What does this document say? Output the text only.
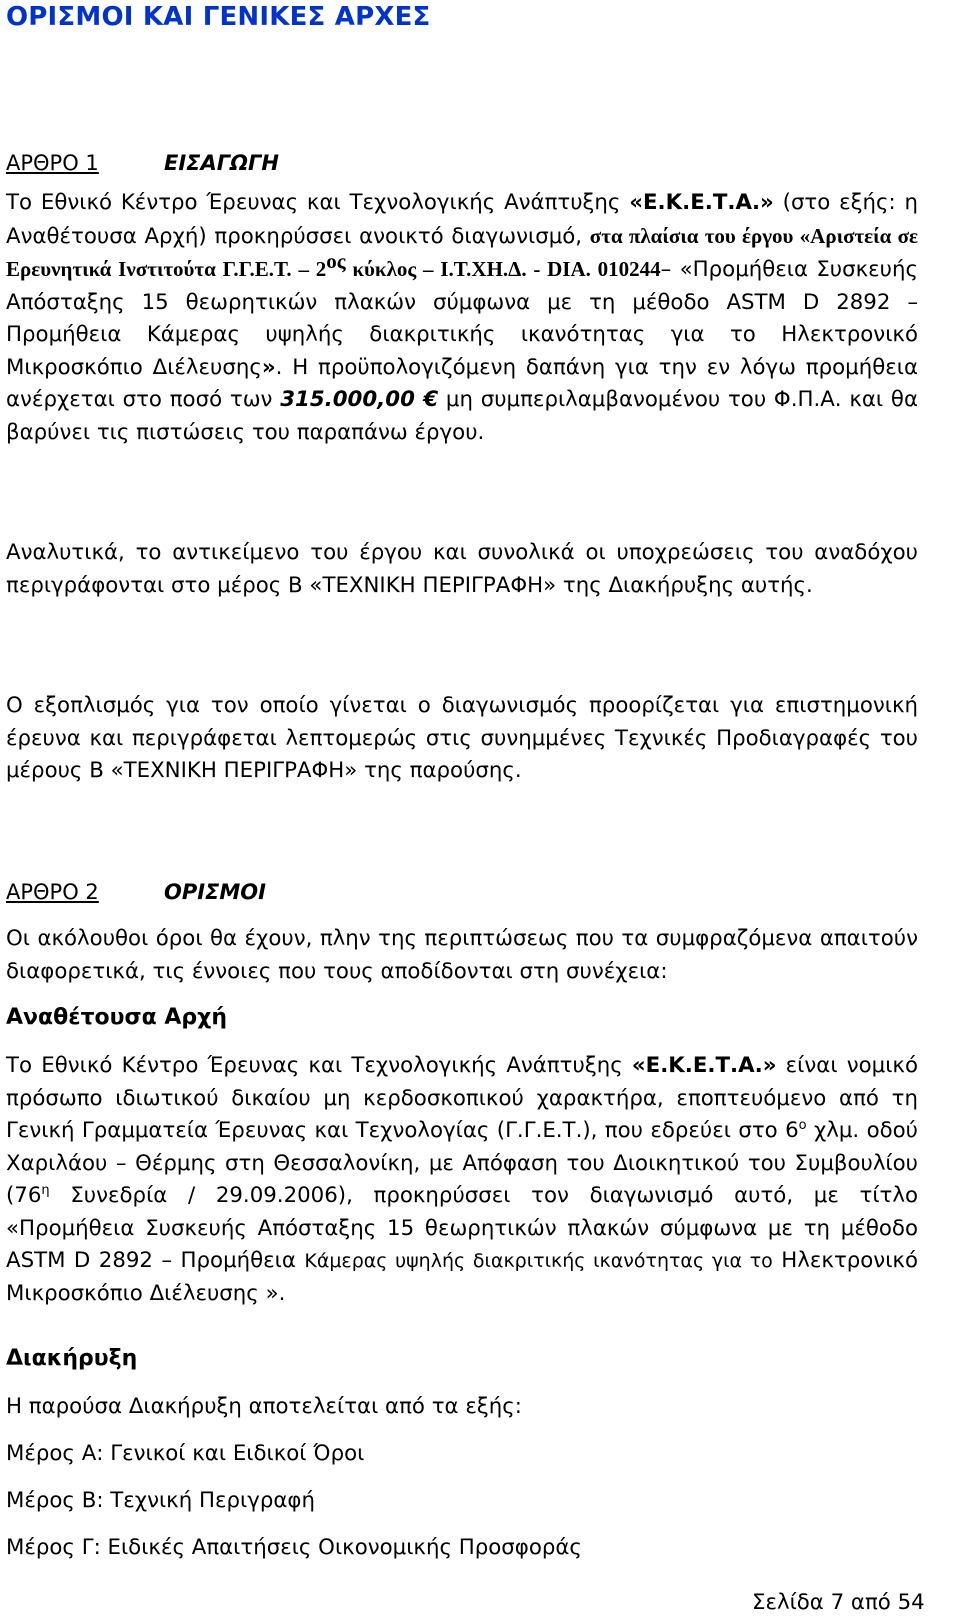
ΟΡΙΣΜΟΙ ΚΑΙ ΓΕΝΙΚΕΣ ΑΡΧΕΣ
ΑΡΘΡΟ 1	ΕΙΣΑΓΩΓΗ

Το Εθνικό Κέντρο Έρευνας και Τεχνολογικής Ανάπτυξης «Ε.Κ.Ε.Τ.Α.» (στο εξής: η Αναθέτουσα Αρχή) προκηρύσσει ανοικτό διαγωνισμό, στα πλαίσια του έργου «Αριστεία σε Ερευνητικά Ινστιτούτα Γ.Γ.Ε.Τ. – $2^{o\varsigma}$ κύκλος – Ι.Τ.ΧΗ.Δ. - DIA. 010244– «Προμήθεια Συσκευής Απόσταξης 15 θεωρητικών πλακών σύμφωνα με τη μέθοδο ASTM D 2892 – Προμήθεια Κάμερας υψηλής διακριτικής ικανότητας για το Ηλεκτρονικό Μικροσκόπιο Διέλευσης». Η προϋπολογιζόμενη δαπάνη για την εν λόγω προμήθεια ανέρχεται στο ποσό των 315.000,00 € μη συμπεριλαμβανομένου του Φ.Π.Α. και θα βαρύνει τις πιστώσεις του παραπάνω έργου.

Αναλυτικά, το αντικείμενο του έργου και συνολικά οι υποχρεώσεις του αναδόχου περιγράφονται στο μέρος Β «ΤΕΧΝΙΚΗ ΠΕΡΙΓΡΑΦΗ» της Διακήρυξης αυτής.

Ο εξοπλισμός για τον οποίο γίνεται ο διαγωνισμός προορίζεται για επιστημονική έρευνα και περιγράφεται λεπτομερώς στις συνημμένες Τεχνικές Προδιαγραφές του μέρους Β «ΤΕΧΝΙΚΗ ΠΕΡΙΓΡΑΦΗ» της παρούσης.

ΑΡΘΡΟ 2	ΟΡΙΣΜΟΙ

Οι ακόλουθοι όροι θα έχουν, πλην της περιπτώσεως που τα συμφραζόμενα απαιτούν διαφορετικά, τις έννοιες που τους αποδίδονται στη συνέχεια:

Αναθέτουσα Αρχή

Το Εθνικό Κέντρο Έρευνας και Τεχνολογικής Ανάπτυξης «Ε.Κ.Ε.Τ.Α.» είναι νομικό πρόσωπο ιδιωτικού δικαίου μη κερδοσκοπικού χαρακτήρα, εποπτευόμενο από τη Γενική Γραμματεία Έρευνας και Τεχνολογίας (Γ.Γ.Ε.Τ.), που εδρεύει στο $6^o$ χλμ. οδού Χαριλάου – Θέρμης στη Θεσσαλονίκη, με Απόφαση του Διοικητικού του Συμβουλίου ($76^\eta$ Συνεδρία / 29.09.2006), προκηρύσσει τον διαγωνισμό αυτό, με τίτλο «Προμήθεια Συσκευής Απόσταξης 15 θεωρητικών πλακών σύμφωνα με τη μέθοδο ASTM D 2892 – Προμήθεια Κάμερας υψηλής διακριτικής ικανότητας για το Ηλεκτρονικό Μικροσκόπιο Διέλευσης ».

Διακήρυξη

Η παρούσα Διακήρυξη αποτελείται από τα εξής:

Μέρος Α: Γενικοί και Ειδικοί Όροι

Μέρος Β: Τεχνική Περιγραφή

Μέρος Γ: Ειδικές Απαιτήσεις Οικονομικής Προσφοράς

Σελίδα 7 από 54
